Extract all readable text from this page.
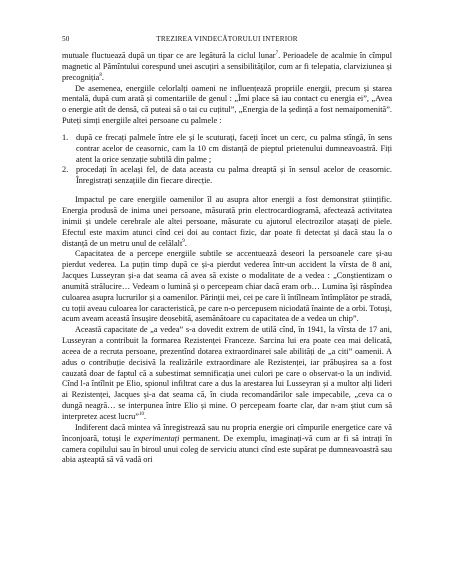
50	TREZIREA VINDECĂTORULUI INTERIOR

mutuale fluctuează după un tipar ce are legătură la ciclul lunar$^7$. Perioadele de acalmie în cîmpul magnetic al Pămîntului corespund unei ascuțiri a sensibilităților, cum ar fi telepatia, clarviziunea și precogniția$^8$.

De asemenea, energiile celorlalți oameni ne influențează propriile energii, precum și starea mentală, după cum arată și comentariile de genul : „Îmi place să iau contact cu energia ei”, „Avea o energie atît de densă, că puteai să o tai cu cuțitul”, „Energia de la ședință a fost nemaipomenită”. Puteți simți energiile altei persoane cu palmele :

1. după ce frecați palmele între ele și le scuturați, faceți încet un cerc, cu palma stîngă, în sens contrar acelor de ceasornic, cam la 10 cm distanță de pieptul prietenului dumneavoastră. Fiți atent la orice senzație subtilă din palme ;
2. procedați în același fel, de data aceasta cu palma dreaptă și în sensul acelor de ceasornic. Înregistrați senzațiile din fiecare direcție.

Impactul pe care energiile oamenilor îl au asupra altor energii a fost demonstrat științific. Energia produsă de inima unei persoane, măsurată prin electrocardiogramă, afectează activitatea inimii și undele cerebrale ale altei persoane, măsurate cu ajutorul electrozilor atașați de piele. Efectul este maxim atunci cînd cei doi au contact fizic, dar poate fi detectat și dacă stau la o distanță de un metru unul de celălalt$^9$.

Capacitatea de a percepe energiile subtile se accentuează deseori la persoanele care și-au pierdut vederea. La puțin timp după ce și-a pierdut vederea într-un accident la vîrsta de 8 ani, Jacques Lusseyran și-a dat seama că avea să existe o modalitate de a vedea : „Conștientizam o anumită strălucire… Vedeam o lumină și o percepeam chiar dacă eram orb… Lumina își răspîndea culoarea asupra lucrurilor și a oamenilor. Părinții mei, cei pe care îi întîlneam întîmplător pe stradă, cu toții aveau culoarea lor caracteristică, pe care n-o percepusem niciodată înainte de a orbi. Totuși, acum aveam această însușire deosebită, asemănătoare cu capacitatea de a vedea un chip”.

Această capacitate de „a vedea” s-a dovedit extrem de utilă cînd, în 1941, la vîrsta de 17 ani, Lusseyran a contribuit la formarea Rezistenței Franceze. Sarcina lui era poate cea mai delicată, aceea de a recruta persoane, prezentînd dotarea extraordinarei sale abilități de „a citi” oamenii. A adus o contribuție decisivă la realizările extraordinare ale Rezistenței, iar prăbușirea sa a fost cauzată doar de faptul că a subestimat semnificația unei culori pe care o observat-o la un individ. Cînd l-a întîlnit pe Elio, spionul infiltrat care a dus la arestarea lui Lusseyran și a multor alți lideri ai Rezistenței, Jacques și-a dat seama că, în ciuda recomandărilor sale impecabile, „ceva ca o dungă neagră… se interpunea între Elio și mine. O percepeam foarte clar, dar n-am știut cum să interpretez acest lucru”$^{10}$.

Indiferent dacă mintea vă înregistrează sau nu propria energie ori cîmpurile energetice care vă înconjoară, totuși le experimentați permanent. De exemplu, imaginați-vă cum ar fi să intrați în camera copilului sau în biroul unui coleg de serviciu atunci cînd este supărat pe dumneavoastră sau abia așteaptă să vă vadă ori
